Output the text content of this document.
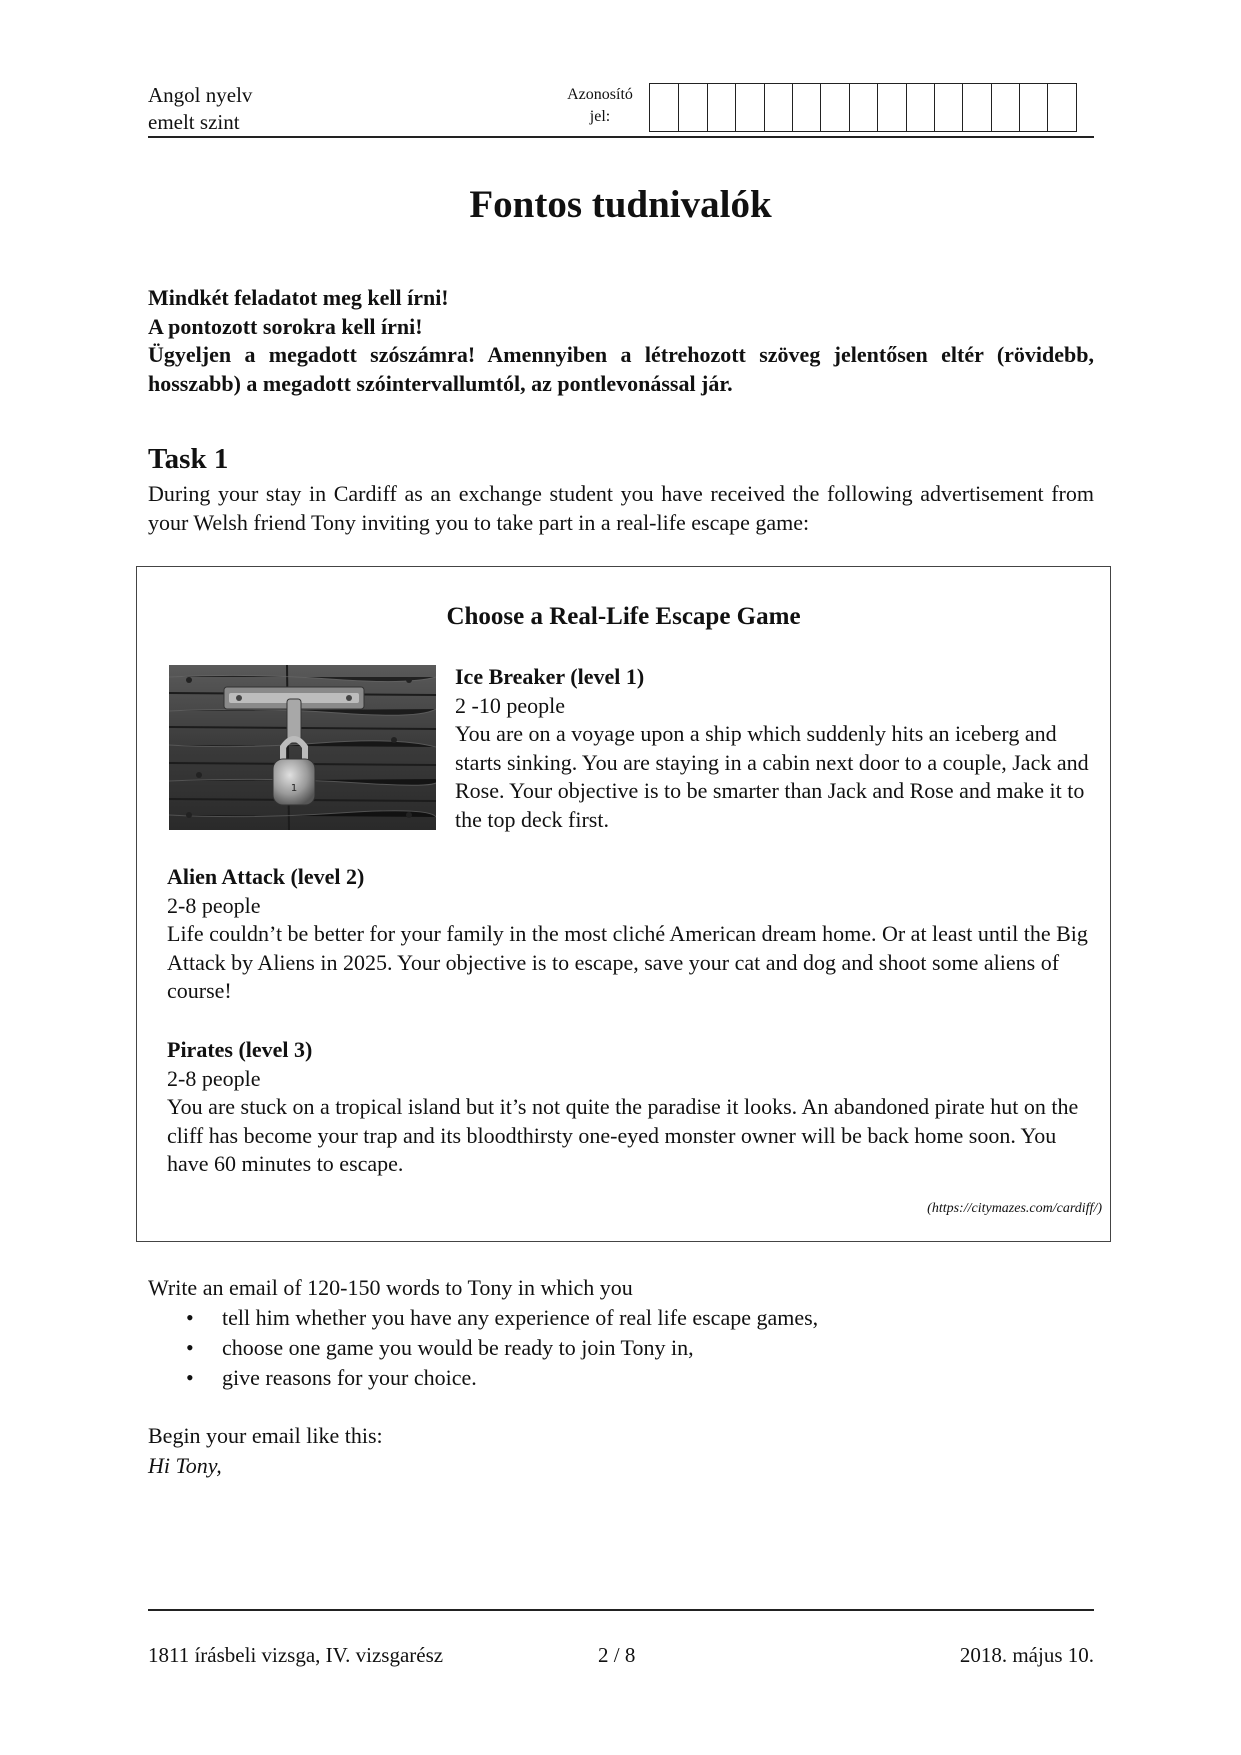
Angol nyelv
emelt szint
Azonosító
jel:
Fontos tudnivalók
Mindkét feladatot meg kell írni!
A pontozott sorokra kell írni!
Ügyeljen a megadott szószámra! Amennyiben a létrehozott szöveg jelentősen eltér (rövidebb, hosszabb) a megadott szóintervallumtól, az pontlevonással jár.
Task 1
During your stay in Cardiff as an exchange student you have received the following advertisement from your Welsh friend Tony inviting you to take part in a real-life escape game:
Choose a Real-Life Escape Game
1
Ice Breaker (level 1)
2 -10 people
You are on a voyage upon a ship which suddenly hits an iceberg and starts sinking. You are staying in a cabin next door to a couple, Jack and Rose. Your objective is to be smarter than Jack and Rose and make it to the top deck first.
Alien Attack (level 2)
2-8 people
Life couldn’t be better for your family in the most cliché American dream home. Or at least until the Big Attack by Aliens in 2025. Your objective is to escape, save your cat and dog and shoot some aliens of course!
Pirates (level 3)
2-8 people
You are stuck on a tropical island but it’s not quite the paradise it looks. An abandoned pirate hut on the cliff has become your trap and its bloodthirsty one-eyed monster owner will be back home soon. You have 60 minutes to escape.
(https://citymazes.com/cardiff/)
Write an email of 120-150 words to Tony in which you
• tell him whether you have any experience of real life escape games,
• choose one game you would be ready to join Tony in,
• give reasons for your choice.
Begin your email like this:
Hi Tony,
1811 írásbeli vizsga, IV. vizsgarész	2 / 8	2018. május 10.
